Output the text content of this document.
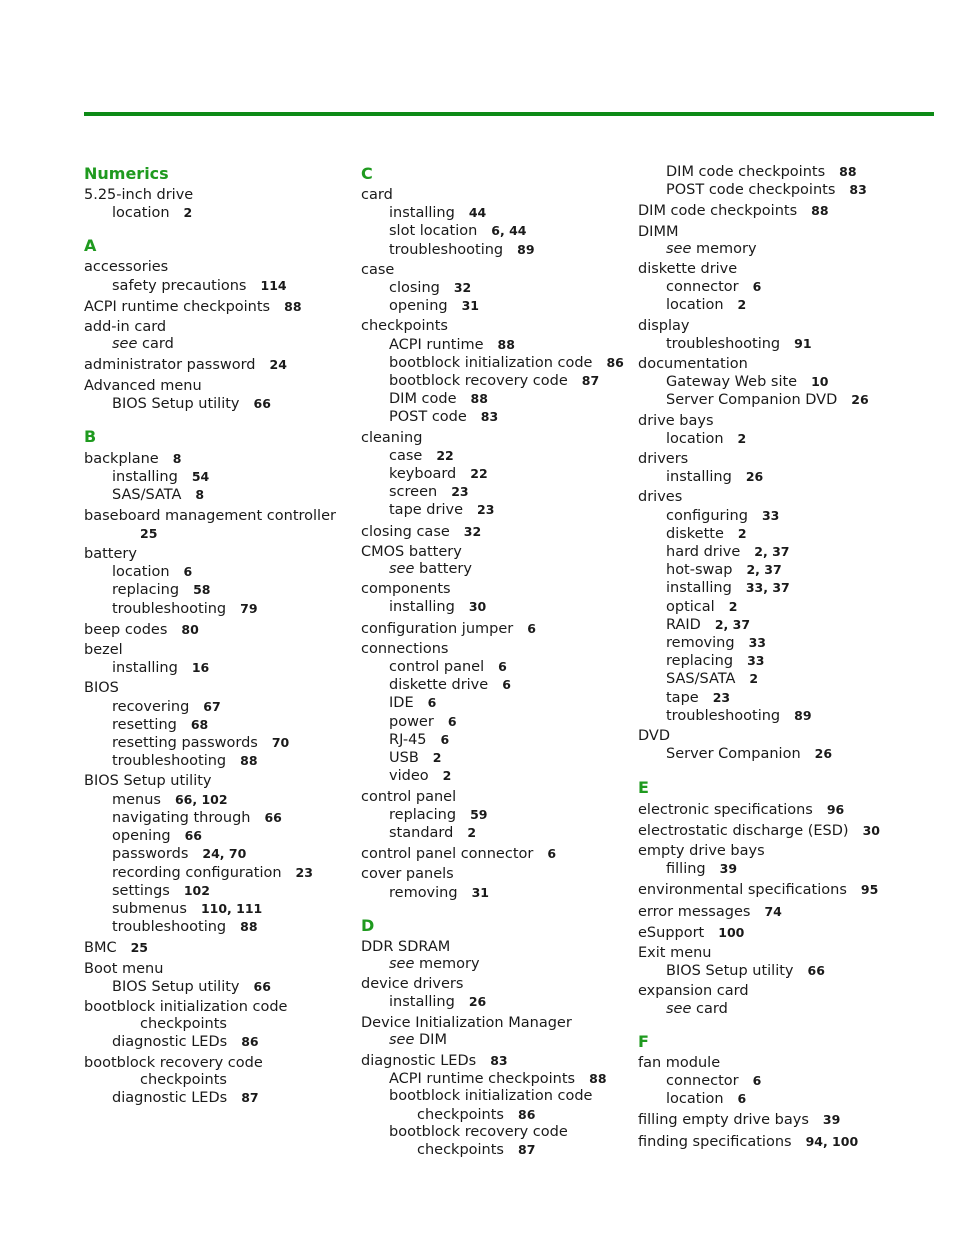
Numerics
5.25-inch drive
location 2
A
accessories
safety precautions 114
ACPI runtime checkpoints 88
add-in card
see card
administrator password 24
Advanced menu
BIOS Setup utility 66
B
backplane 8
installing 54
SAS/SATA 8
baseboard management controller
25
battery
location 6
replacing 58
troubleshooting 79
beep codes 80
bezel
installing 16
BIOS
recovering 67
resetting 68
resetting passwords 70
troubleshooting 88
BIOS Setup utility
menus 66, 102
navigating through 66
opening 66
passwords 24, 70
recording configuration 23
settings 102
submenus 110, 111
troubleshooting 88
BMC 25
Boot menu
BIOS Setup utility 66
bootblock initialization code
checkpoints
diagnostic LEDs 86
bootblock recovery code
checkpoints
diagnostic LEDs 87
C
card
installing 44
slot location 6, 44
troubleshooting 89
case
closing 32
opening 31
checkpoints
ACPI runtime 88
bootblock initialization code 86
bootblock recovery code 87
DIM code 88
POST code 83
cleaning
case 22
keyboard 22
screen 23
tape drive 23
closing case 32
CMOS battery
see battery
components
installing 30
configuration jumper 6
connections
control panel 6
diskette drive 6
IDE 6
power 6
RJ-45 6
USB 2
video 2
control panel
replacing 59
standard 2
control panel connector 6
cover panels
removing 31
D
DDR SDRAM
see memory
device drivers
installing 26
Device Initialization Manager
see DIM
diagnostic LEDs 83
ACPI runtime checkpoints 88
bootblock initialization code
checkpoints 86
bootblock recovery code
checkpoints 87
DIM code checkpoints 88
POST code checkpoints 83
DIM code checkpoints 88
DIMM
see memory
diskette drive
connector 6
location 2
display
troubleshooting 91
documentation
Gateway Web site 10
Server Companion DVD 26
drive bays
location 2
drivers
installing 26
drives
configuring 33
diskette 2
hard drive 2, 37
hot-swap 2, 37
installing 33, 37
optical 2
RAID 2, 37
removing 33
replacing 33
SAS/SATA 2
tape 23
troubleshooting 89
DVD
Server Companion 26
E
electronic specifications 96
electrostatic discharge (ESD) 30
empty drive bays
filling 39
environmental specifications 95
error messages 74
eSupport 100
Exit menu
BIOS Setup utility 66
expansion card
see card
F
fan module
connector 6
location 6
filling empty drive bays 39
finding specifications 94, 100
